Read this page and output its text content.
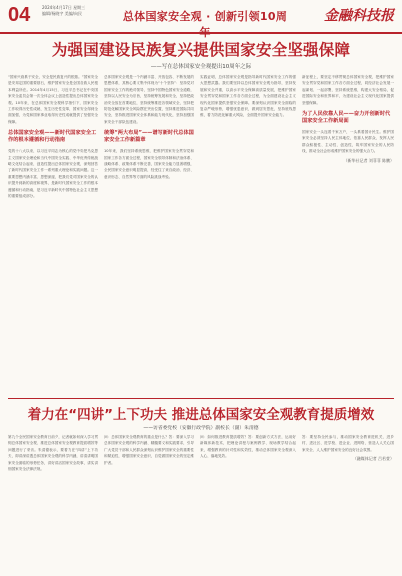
04	2024年4月17日 星期三
编辑/杨晓宇 美编/向民	总体国家安全观 · 创新引领10周年
金融科技报
为强国建设民族复兴提供国家安全坚强保障
——写在总体国家安全观提出10周年之际

“国家兴衰系于安全，安全是民族复兴的根基。”国家安全是安邦定国的重要基石，维护国家安全是全国各族人民根本利益所在。2014年4月15日，习近平总书记在中央国家安全委员会第一次全体会议上创造性提出总体国家安全观。10年来，在总体国家安全观科学指引下，国家安全工作取得历史性成就、发生历史性变革，国家安全得到全面加强，为党和国家事业取得历史性成就提供了坚强安全保障。

总体国家安全观——新时代国家安全工作的根本遵循和行动指南

党的十八大以来，以习近平同志为核心的党中央把马克思主义国家安全理论和当代中国安全实践、中华优秀传统战略文化结合起来，创造性提出总体国家安全观，深刻回答了新时代国家安全工作一系列重大理论和实践问题。这一重要思想内涵丰富、思想深邃，把我们党对国家安全的认识提升到新的高度和境界，是新时代国家安全工作的根本遵循和行动指南，是习近平新时代中国特色社会主义思想的重要组成部分。

总体国家安全观是一个内涵丰富、开放包容、不断发展的思想体系，其核心要义集中体现为“十个坚持”：坚持党对国家安全工作的绝对领导，坚持中国特色国家安全道路，坚持以人民安全为宗旨，坚持统筹发展和安全，坚持把政治安全放在首要地位，坚持统筹推进各领域安全，坚持把防范化解国家安全风险摆在突出位置，坚持推进国际共同安全，坚持推进国家安全体系和能力现代化，坚持加强国家安全干部队伍建设。

统筹“两大布局”——谱写新时代总体国家安全工作新篇章

10年来，我们坚持系统思维，把维护国家安全贯穿党和国家工作各方面全过程，国家安全领导体制和法治体系、战略体系、政策体系不断完善，国家安全能力显著增强，全民国家安全意识明显提高，经受住了来自政治、经济、意识形态、自然界等方面的风险挑战考验。

实践证明，总体国家安全观是指导新时代国家安全工作的强大思想武器。我们要坚持以总体国家安全观为指导，坚持发展和安全并重，以高水平安全保障高质量发展，把维护国家安全贯穿党和国家工作各方面全过程，为全面建设社会主义现代化国家提供坚强安全保障。要深刻认识国家安全面临的复杂严峻形势，增强忧患意识，做到居安思危，坚持底线思维，着力防范化解重大风险，全面提升国家安全能力。

新征程上，要坚定不移贯彻总体国家安全观，把维护国家安全贯穿党和国家工作各方面全过程，同经济社会发展一起谋划、一起部署，坚持系统思维，构建大安全格局，促进国际安全和世界和平，为建设社会主义现代化国家提供坚强保障。

为了人民依靠人民——奋力开创新时代国家安全工作新局面

国家安全一头连着千家万户，一头系着国计民生。维护国家安全必须坚持人民主体地位，依靠人民群众，发挥人民群众积极性、主动性、创造性，筑牢国家安全的人民防线，推动全社会形成维护国家安全的强大合力。

（新华社记者 刘菲菲 陈鹏）
着力在“四讲”上下功夫 推进总体国家安全观教育提质增效
——访省委党校（安徽行政学院）副校长（副）朱清德

第九个全民国家安全教育日前夕，记者就如何深入学习贯彻总体国家安全观、推进总体国家安全观教育提质增效等问题进行了采访。朱清德表示，要着力在“四讲”上下功夫，即讲深讲透总体国家安全观的科学内涵，讲清讲明国家安全面临的形势任务，讲好讲活国家安全故事，讲实讲细国家安全法律法规。

问：总体国家安全观教育的重点是什么？答：要深入学习总体国家安全观的科学内涵、精髓要义和实践要求，引导广大党员干部和人民群众深刻认识维护国家安全的重要性和紧迫性，增强国家安全意识，自觉做国家安全的坚定维护者。

问：如何推进教育提质增效？答：要创新方式方法，运用好新媒体新技术，把理论讲授与案例教学、现场教学结合起来，增强教育的针对性和实效性，推动总体国家安全观深入人心、落地见效。

答：要坚持全民参与，推动国家安全教育进机关、进乡村、进社区、进学校、进企业、进网络，营造人人关心国家安全、人人维护国家安全的良好社会氛围。

（融媒体记者 吕若萱）
